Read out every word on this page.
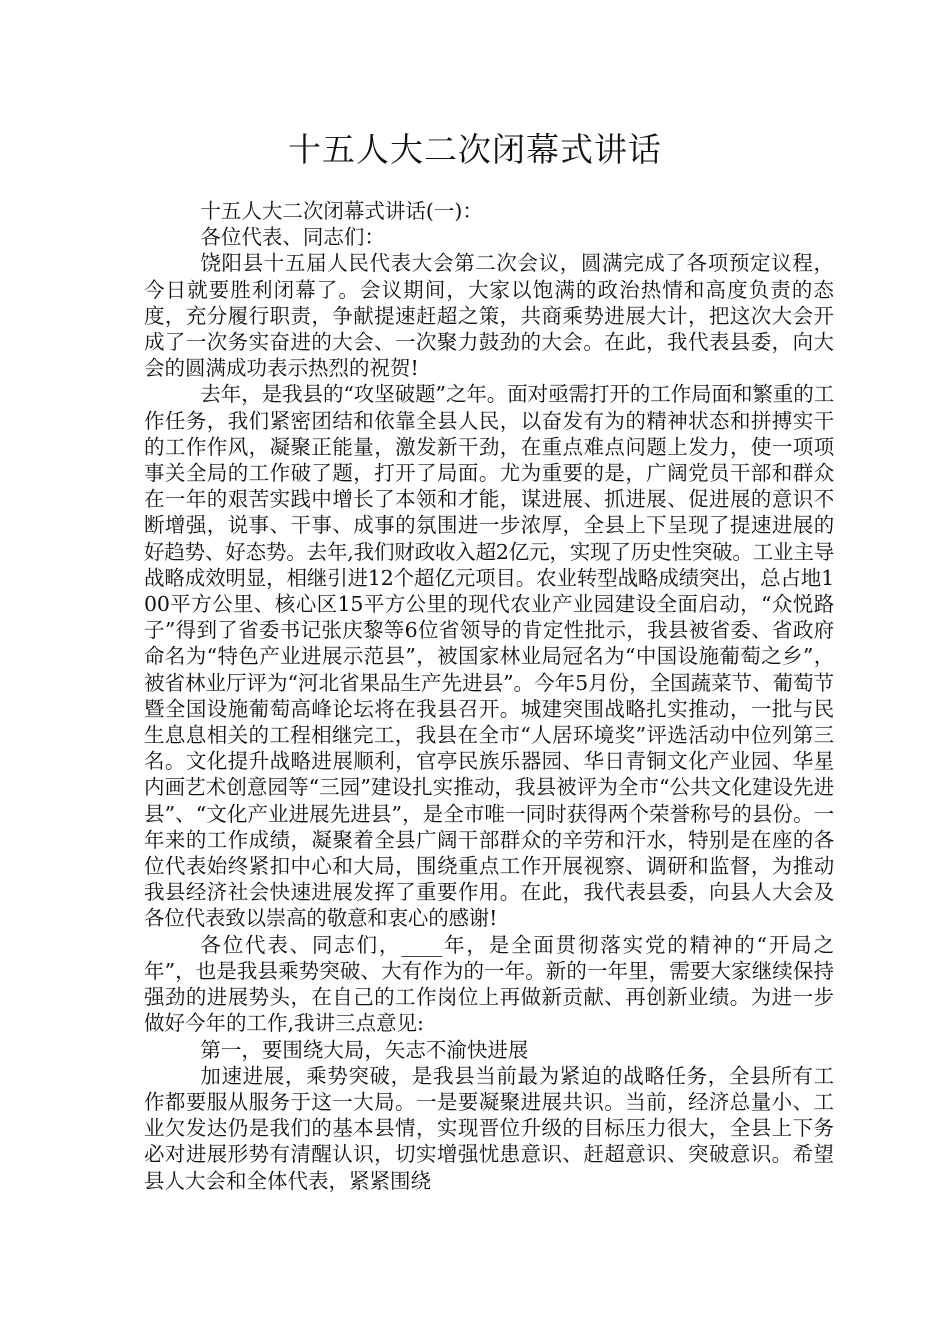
十五人大二次闭幕式讲话

十五人大二次闭幕式讲话(一)：

各位代表、同志们：

饶阳县十五届人民代表大会第二次会议，圆满完成了各项预定议程，今日就要胜利闭幕了。会议期间，大家以饱满的政治热情和高度负责的态度，充分履行职责，争献提速赶超之策，共商乘势进展大计，把这次大会开成了一次务实奋进的大会、一次聚力鼓劲的大会。在此，我代表县委，向大会的圆满成功表示热烈的祝贺!

去年，是我县的“攻坚破题”之年。面对亟需打开的工作局面和繁重的工作任务，我们紧密团结和依靠全县人民，以奋发有为的精神状态和拼搏实干的工作作风，凝聚正能量，激发新干劲，在重点难点问题上发力，使一项项事关全局的工作破了题，打开了局面。尤为重要的是，广阔党员干部和群众在一年的艰苦实践中增长了本领和才能，谋进展、抓进展、促进展的意识不断增强，说事、干事、成事的氛围进一步浓厚，全县上下呈现了提速进展的好趋势、好态势。去年,我们财政收入超2亿元，实现了历史性突破。工业主导战略成效明显，相继引进12个超亿元项目。农业转型战略成绩突出，总占地100平方公里、核心区15平方公里的现代农业产业园建设全面启动，“众悦路子”得到了省委书记张庆黎等6位省领导的肯定性批示，我县被省委、省政府命名为“特色产业进展示范县”，被国家林业局冠名为“中国设施葡萄之乡”，被省林业厅评为“河北省果品生产先进县”。今年5月份，全国蔬菜节、葡萄节暨全国设施葡萄高峰论坛将在我县召开。城建突围战略扎实推动，一批与民生息息相关的工程相继完工，我县在全市“人居环境奖”评选活动中位列第三名。文化提升战略进展顺利，官亭民族乐器园、华日青铜文化产业园、华星内画艺术创意园等“三园”建设扎实推动，我县被评为全市“公共文化建设先进县”、“文化产业进展先进县”，是全市唯一同时获得两个荣誉称号的县份。一年来的工作成绩，凝聚着全县广阔干部群众的辛劳和汗水，特别是在座的各位代表始终紧扣中心和大局，围绕重点工作开展视察、调研和监督，为推动我县经济社会快速进展发挥了重要作用。在此，我代表县委，向县人大会及各位代表致以崇高的敬意和衷心的感谢!

各位代表、同志们，____年，是全面贯彻落实党的精神的“开局之年”，也是我县乘势突破、大有作为的一年。新的一年里，需要大家继续保持强劲的进展势头，在自己的工作岗位上再做新贡献、再创新业绩。为进一步做好今年的工作,我讲三点意见:

第一，要围绕大局，矢志不渝快进展

加速进展，乘势突破，是我县当前最为紧迫的战略任务，全县所有工作都要服从服务于这一大局。一是要凝聚进展共识。当前，经济总量小、工业欠发达仍是我们的基本县情，实现晋位升级的目标压力很大，全县上下务必对进展形势有清醒认识，切实增强忧患意识、赶超意识、突破意识。希望县人大会和全体代表，紧紧围绕
